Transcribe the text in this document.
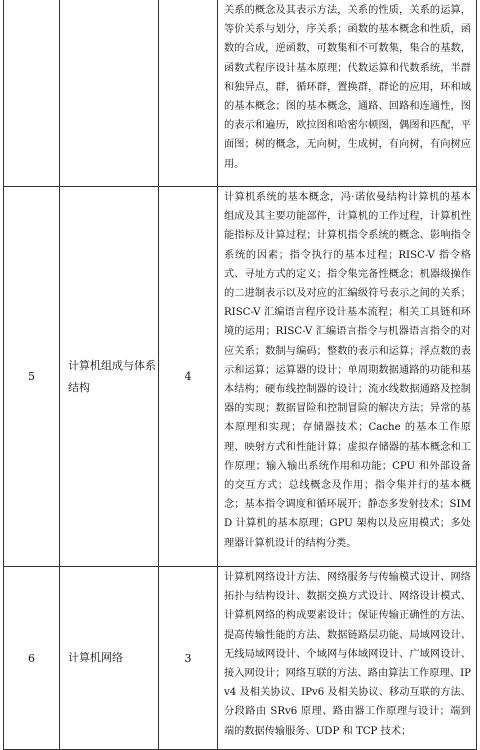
			关系的概念及其表示方法，关系的性质，关系的运算，等价关系与划分，序关系；函数的基本概念和性质，函数的合成，逆函数，可数集和不可数集，集合的基数，函数式程序设计基本原理；代数运算和代数系统，半群和独异点，群，循环群，置换群，群论的应用，环和域的基本概念；图的基本概念，通路、回路和连通性，图的表示和遍历，欧拉图和哈密尔顿图，偶图和匹配，平面图；树的概念，无向树，生成树，有向树，有向树应用。
5	计算机组成与体系结构	4	计算机系统的基本概念，冯·诺依曼结构计算机的基本组成及其主要功能部件，计算机的工作过程，计算机性能指标及计算过程；计算机指令系统的概念、影响指令系统的因素；指令执行的基本过程；RISC-V 指令格式、寻址方式的定义；指令集完备性概念；机器级操作的二进制表示以及对应的汇编级符号表示之间的关系；RISC-V 汇编语言程序设计基本流程；相关工具链和环境的运用；RISC-V 汇编语言指令与机器语言指令的对应关系；数制与编码；整数的表示和运算；浮点数的表示和运算；运算器的设计；单周期数据通路的功能和基本结构；硬布线控制器的设计；流水线数据通路及控制器的实现；数据冒险和控制冒险的解决方法；异常的基本原理和实现；存储器技术；Cache 的基本工作原理、映射方式和性能计算；虚拟存储器的基本概念和工作原理；输入输出系统作用和功能；CPU 和外部设备的交互方式；总线概念及作用；指令集并行的基本概念；基本指令调度和循环展开；静态多发射技术；SIMD 计算机的基本原理；GPU 架构以及应用模式；多处理器计算机设计的结构分类。
6	计算机网络	3	计算机网络设计方法、网络服务与传输模式设计、网络拓扑与结构设计、数据交换方式设计、网络设计模式、计算机网络的构成要素设计；保证传输正确性的方法、提高传输性能的方法、数据链路层功能、局域网设计、无线局域网设计、个域网与体域网设计、广域网设计、接入网设计；网络互联的方法、路由算法工作原理、IPv4 及相关协议、IPv6 及相关协议、移动互联的方法、分段路由 SRv6 原理、路由器工作原理与设计；端到端的数据传输服务、UDP 和 TCP 技术；
